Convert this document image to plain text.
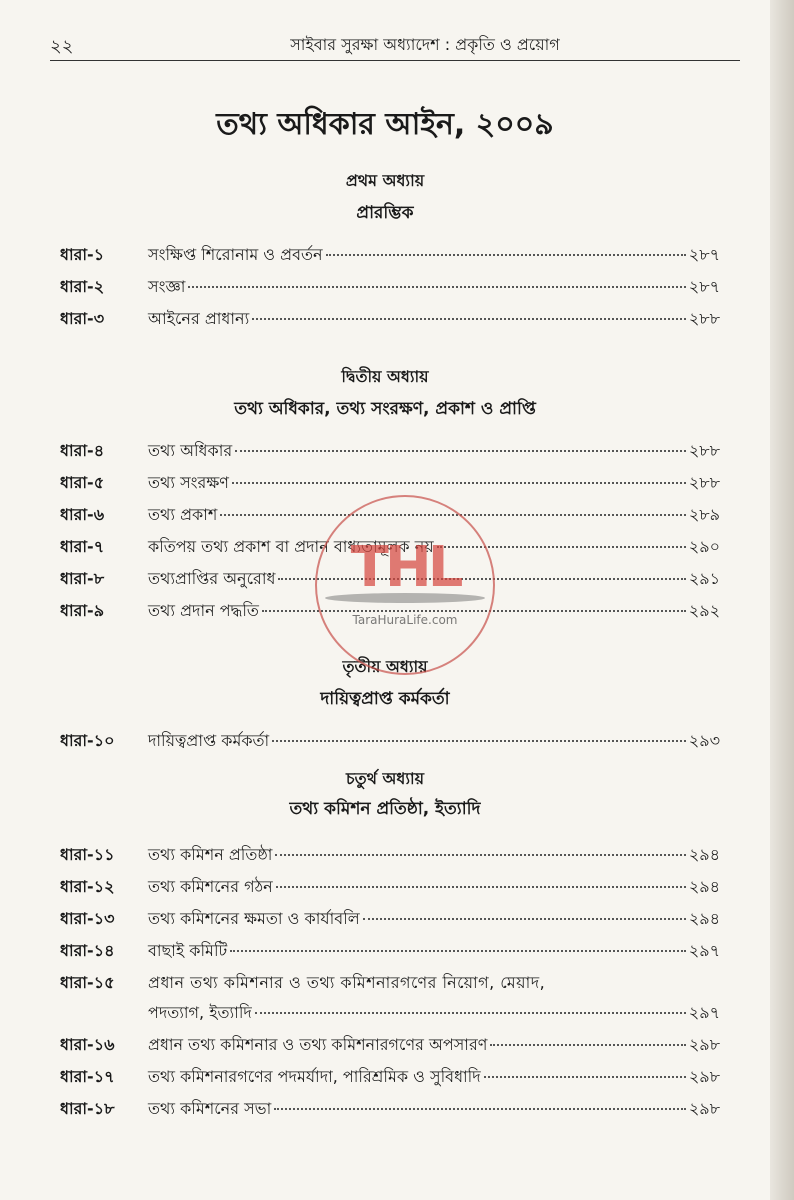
২২	সাইবার সুরক্ষা অধ্যাদেশ : প্রকৃতি ও প্রয়োগ
তথ্য অধিকার আইন, ২০০৯
প্রথম অধ্যায়
প্রারম্ভিক
ধারা-১	সংক্ষিপ্ত শিরোনাম ও প্রবর্তন	২৮৭
ধারা-২	সংজ্ঞা	২৮৭
ধারা-৩	আইনের প্রাধান্য	২৮৮
দ্বিতীয় অধ্যায়
তথ্য অধিকার, তথ্য সংরক্ষণ, প্রকাশ ও প্রাপ্তি
ধারা-৪	তথ্য অধিকার	২৮৮
ধারা-৫	তথ্য সংরক্ষণ	২৮৮
ধারা-৬	তথ্য প্রকাশ	২৮৯
ধারা-৭	কতিপয় তথ্য প্রকাশ বা প্রদান বাধ্যতামূলক নয়	২৯০
ধারা-৮	তথ্যপ্রাপ্তির অনুরোধ	২৯১
ধারা-৯	তথ্য প্রদান পদ্ধতি	২৯২
তৃতীয় অধ্যায়
দায়িত্বপ্রাপ্ত কর্মকর্তা
ধারা-১০ দায়িত্বপ্রাপ্ত কর্মকর্তা	২৯৩
চতুর্থ অধ্যায়
তথ্য কমিশন প্রতিষ্ঠা, ইত্যাদি
ধারা-১১ তথ্য কমিশন প্রতিষ্ঠা	২৯৪
ধারা-১২ তথ্য কমিশনের গঠন	২৯৪
ধারা-১৩ তথ্য কমিশনের ক্ষমতা ও কার্যাবলি	২৯৪
ধারা-১৪ বাছাই কমিটি	২৯৭
ধারা-১৫ প্রধান তথ্য কমিশনার ও তথ্য কমিশনারগণের নিয়োগ, মেয়াদ,
পদত্যাগ, ইত্যাদি	২৯৭
ধারা-১৬ প্রধান তথ্য কমিশনার ও তথ্য কমিশনারগণের অপসারণ	২৯৮
ধারা-১৭ তথ্য কমিশনারগণের পদমর্যাদা, পারিশ্রমিক ও সুবিধাদি	২৯৮
ধারা-১৮ তথ্য কমিশনের সভা	২৯৮
THL
TaraHuraLife.com
